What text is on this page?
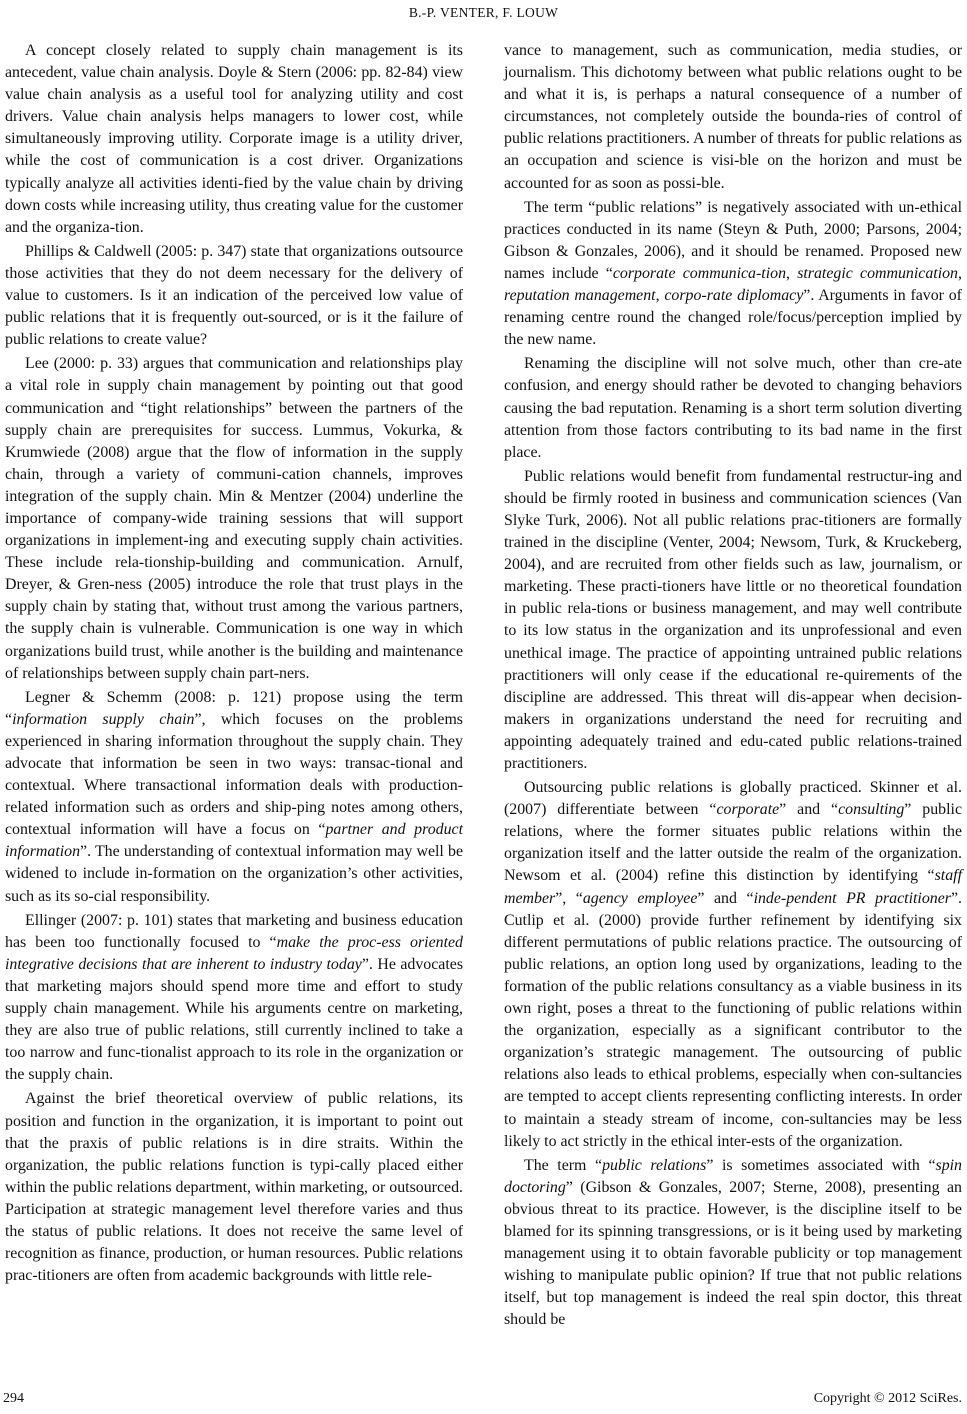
B.-P. VENTER, F. LOUW

A concept closely related to supply chain management is its antecedent, value chain analysis. Doyle & Stern (2006: pp. 82-84) view value chain analysis as a useful tool for analyzing utility and cost drivers. Value chain analysis helps managers to lower cost, while simultaneously improving utility. Corporate image is a utility driver, while the cost of communication is a cost driver. Organizations typically analyze all activities identi-fied by the value chain by driving down costs while increasing utility, thus creating value for the customer and the organiza-tion.

Phillips & Caldwell (2005: p. 347) state that organizations outsource those activities that they do not deem necessary for the delivery of value to customers. Is it an indication of the perceived low value of public relations that it is frequently out-sourced, or is it the failure of public relations to create value?

Lee (2000: p. 33) argues that communication and relationships play a vital role in supply chain management by pointing out that good communication and “tight relationships” between the partners of the supply chain are prerequisites for success. Lummus, Vokurka, & Krumwiede (2008) argue that the flow of information in the supply chain, through a variety of communi-cation channels, improves integration of the supply chain. Min & Mentzer (2004) underline the importance of company-wide training sessions that will support organizations in implement-ing and executing supply chain activities. These include rela-tionship-building and communication. Arnulf, Dreyer, & Gren-ness (2005) introduce the role that trust plays in the supply chain by stating that, without trust among the various partners, the supply chain is vulnerable. Communication is one way in which organizations build trust, while another is the building and maintenance of relationships between supply chain part-ners.

Legner & Schemm (2008: p. 121) propose using the term “information supply chain”, which focuses on the problems experienced in sharing information throughout the supply chain. They advocate that information be seen in two ways: transac-tional and contextual. Where transactional information deals with production-related information such as orders and ship-ping notes among others, contextual information will have a focus on “partner and product information”. The understanding of contextual information may well be widened to include in-formation on the organization’s other activities, such as its so-cial responsibility.

Ellinger (2007: p. 101) states that marketing and business education has been too functionally focused to “make the proc-ess oriented integrative decisions that are inherent to industry today”. He advocates that marketing majors should spend more time and effort to study supply chain management. While his arguments centre on marketing, they are also true of public relations, still currently inclined to take a too narrow and func-tionalist approach to its role in the organization or the supply chain.

Against the brief theoretical overview of public relations, its position and function in the organization, it is important to point out that the praxis of public relations is in dire straits. Within the organization, the public relations function is typi-cally placed either within the public relations department, within marketing, or outsourced. Participation at strategic management level therefore varies and thus the status of public relations. It does not receive the same level of recognition as finance, production, or human resources. Public relations prac-titioners are often from academic backgrounds with little rele-

vance to management, such as communication, media studies, or journalism. This dichotomy between what public relations ought to be and what it is, is perhaps a natural consequence of a number of circumstances, not completely outside the bounda-ries of control of public relations practitioners. A number of threats for public relations as an occupation and science is visi-ble on the horizon and must be accounted for as soon as possi-ble.

The term “public relations” is negatively associated with un-ethical practices conducted in its name (Steyn & Puth, 2000; Parsons, 2004; Gibson & Gonzales, 2006), and it should be renamed. Proposed new names include “corporate communica-tion, strategic communication, reputation management, corpo-rate diplomacy”. Arguments in favor of renaming centre round the changed role/focus/perception implied by the new name.

Renaming the discipline will not solve much, other than cre-ate confusion, and energy should rather be devoted to changing behaviors causing the bad reputation. Renaming is a short term solution diverting attention from those factors contributing to its bad name in the first place.

Public relations would benefit from fundamental restructur-ing and should be firmly rooted in business and communication sciences (Van Slyke Turk, 2006). Not all public relations prac-titioners are formally trained in the discipline (Venter, 2004; Newsom, Turk, & Kruckeberg, 2004), and are recruited from other fields such as law, journalism, or marketing. These practi-tioners have little or no theoretical foundation in public rela-tions or business management, and may well contribute to its low status in the organization and its unprofessional and even unethical image. The practice of appointing untrained public relations practitioners will only cease if the educational re-quirements of the discipline are addressed. This threat will dis-appear when decision-makers in organizations understand the need for recruiting and appointing adequately trained and edu-cated public relations-trained practitioners.

Outsourcing public relations is globally practiced. Skinner et al. (2007) differentiate between “corporate” and “consulting” public relations, where the former situates public relations within the organization itself and the latter outside the realm of the organization. Newsom et al. (2004) refine this distinction by identifying “staff member”, “agency employee” and “inde-pendent PR practitioner”. Cutlip et al. (2000) provide further refinement by identifying six different permutations of public relations practice. The outsourcing of public relations, an option long used by organizations, leading to the formation of the public relations consultancy as a viable business in its own right, poses a threat to the functioning of public relations within the organization, especially as a significant contributor to the organization’s strategic management. The outsourcing of public relations also leads to ethical problems, especially when con-sultancies are tempted to accept clients representing conflicting interests. In order to maintain a steady stream of income, con-sultancies may be less likely to act strictly in the ethical inter-ests of the organization.

The term “public relations” is sometimes associated with “spin doctoring” (Gibson & Gonzales, 2007; Sterne, 2008), presenting an obvious threat to its practice. However, is the discipline itself to be blamed for its spinning transgressions, or is it being used by marketing management using it to obtain favorable publicity or top management wishing to manipulate public opinion? If true that not public relations itself, but top management is indeed the real spin doctor, this threat should be

294	Copyright © 2012 SciRes.
